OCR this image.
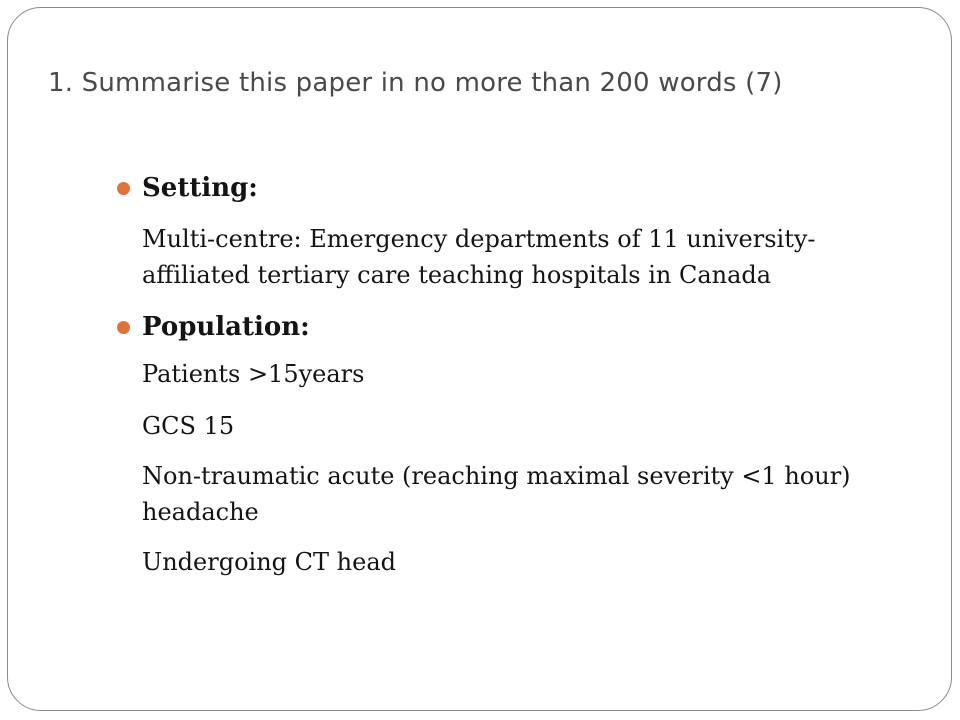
1. Summarise this paper in no more than 200 words (7)
Setting:
Multi-centre: Emergency departments of 11 university-affiliated tertiary care teaching hospitals in Canada
Population:
Patients >15years
GCS 15
Non-traumatic acute (reaching maximal severity <1 hour) headache
Undergoing CT head
